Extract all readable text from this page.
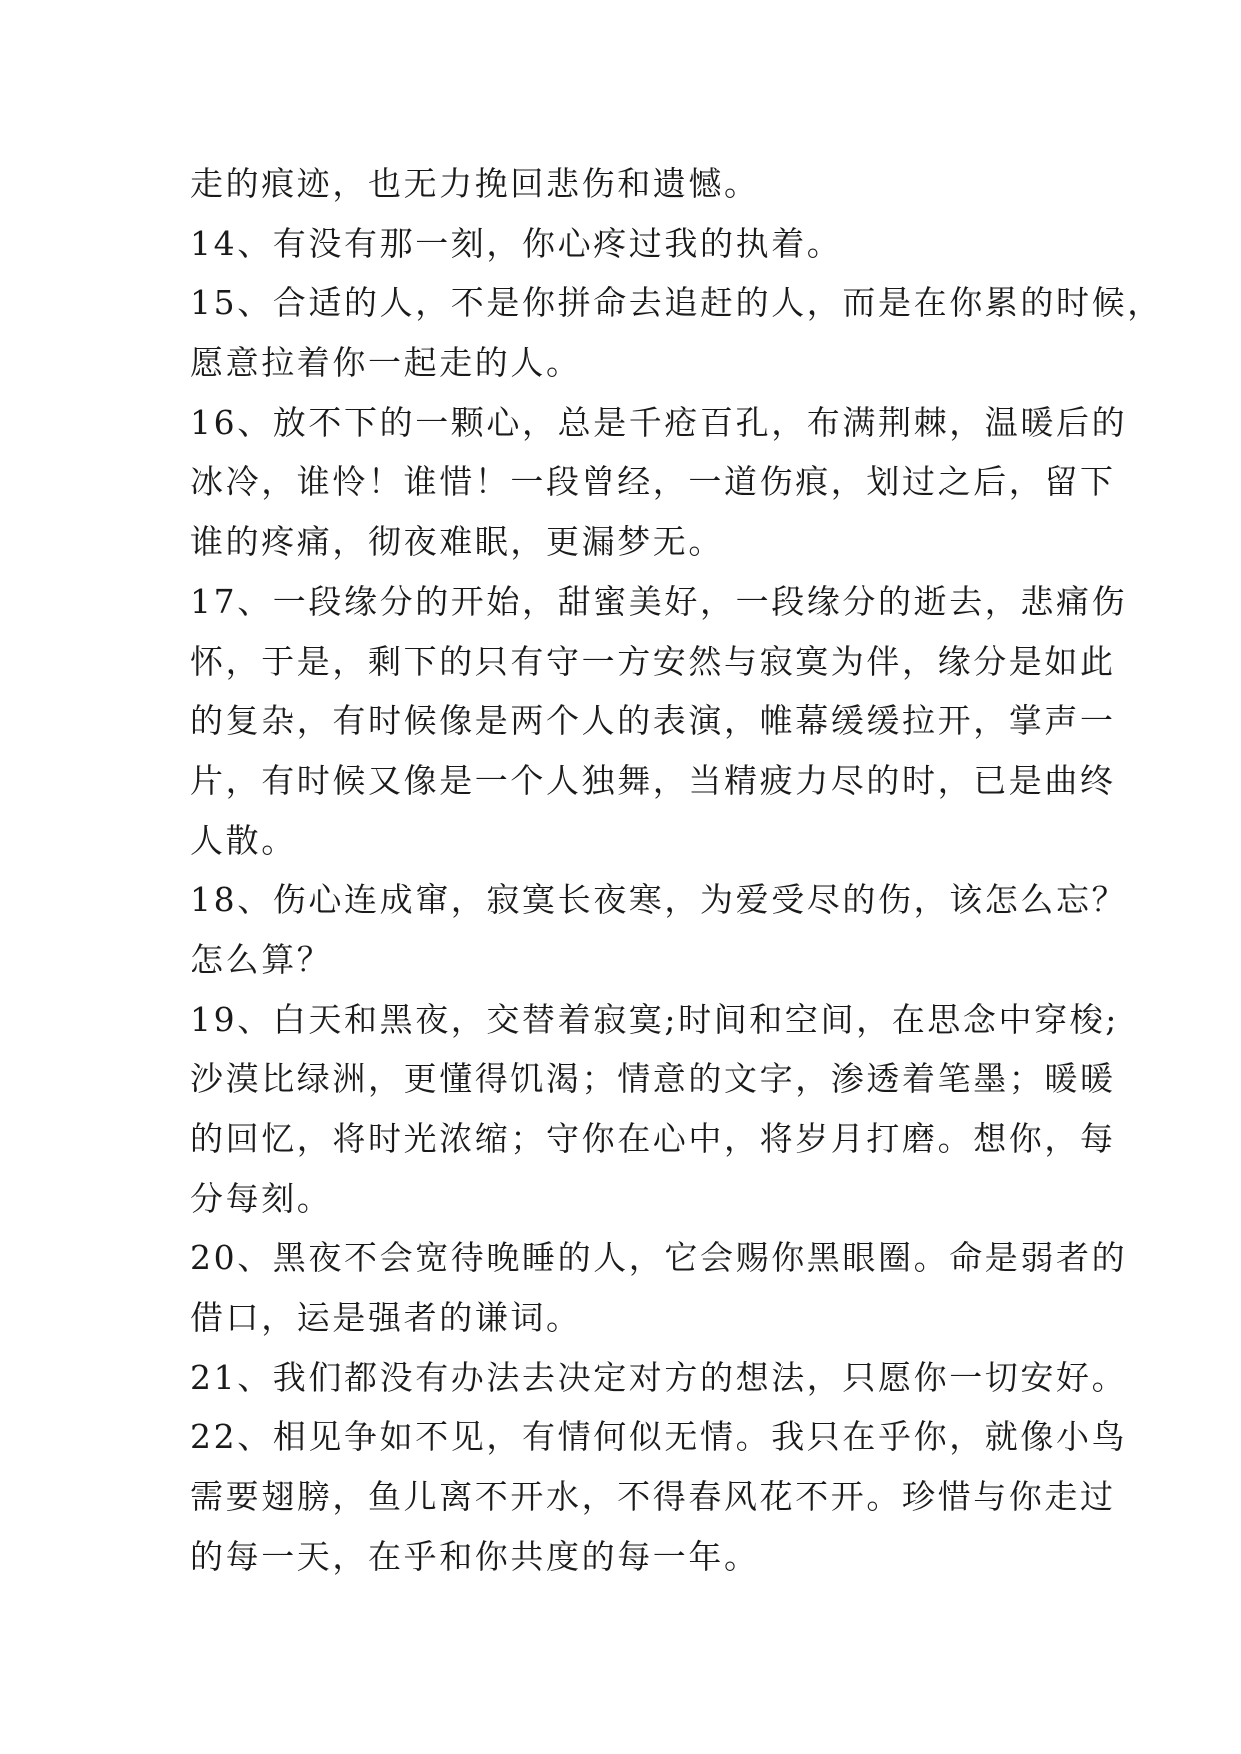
走的痕迹，也无力挽回悲伤和遗憾。
14、有没有那一刻，你心疼过我的执着。
15、合适的人，不是你拼命去追赶的人，而是在你累的时候，
愿意拉着你一起走的人。
16、放不下的一颗心，总是千疮百孔，布满荆棘，温暖后的
冰冷，谁怜！谁惜！一段曾经，一道伤痕，划过之后，留下
谁的疼痛，彻夜难眠，更漏梦无。
17、一段缘分的开始，甜蜜美好，一段缘分的逝去，悲痛伤
怀，于是，剩下的只有守一方安然与寂寞为伴，缘分是如此
的复杂，有时候像是两个人的表演，帷幕缓缓拉开，掌声一
片，有时候又像是一个人独舞，当精疲力尽的时，已是曲终
人散。
18、伤心连成窜，寂寞长夜寒，为爱受尽的伤，该怎么忘？
怎么算？
19、白天和黑夜，交替着寂寞;时间和空间，在思念中穿梭;
沙漠比绿洲，更懂得饥渴；情意的文字，渗透着笔墨；暖暖
的回忆，将时光浓缩；守你在心中，将岁月打磨。想你，每
分每刻。
20、黑夜不会宽待晚睡的人，它会赐你黑眼圈。命是弱者的
借口，运是强者的谦词。
21、我们都没有办法去决定对方的想法，只愿你一切安好。
22、相见争如不见，有情何似无情。我只在乎你，就像小鸟
需要翅膀，鱼儿离不开水，不得春风花不开。珍惜与你走过
的每一天，在乎和你共度的每一年。
